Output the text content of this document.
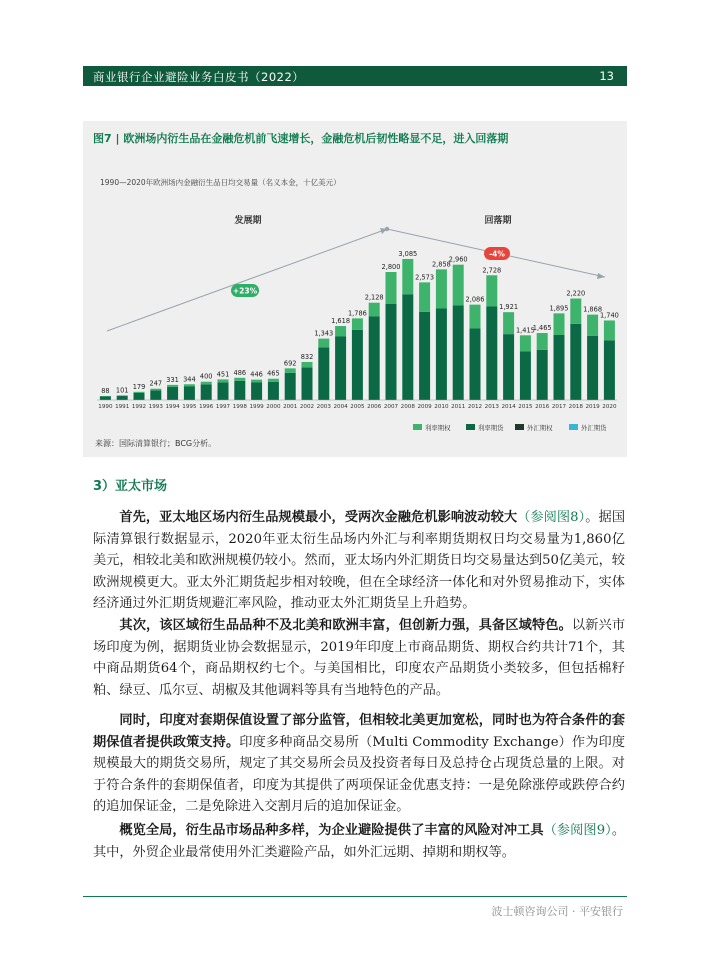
商业银行企业避险业务白皮书（2022）	13
图7 | 欧洲场内衍生品在金融危机前飞速增长，金融危机后韧性略显不足，进入回落期
1990—2020年欧洲场内金融衍生品日均交易量（名义本金，十亿美元）
发展期	回落期
+23%
-4%
88 101 179 247 331 344 400 451 486 446 465
692
832
1,343
1,618
1,786
2,128
2,800
3,085
2,573
2,858
2,960
2,086
2,728
1,921
1,415
1,465
1,895
2,220
1,868
1,740
1990 1991 1992 1993 1994 1995 1996 1997 1998 1999 2000 2001 2002 2003 2004 2005 2006 2007 2008 2009 2010 2011 2012 2013 2014 2015 2016 2017 2018 2019 2020
利率期权	利率期货	外汇期权	外汇期货
来源：国际清算银行；BCG分析。
3）亚太市场

首先，亚太地区场内衍生品规模最小，受两次金融危机影响波动较大（参阅图8）。据国际清算银行数据显示，2020年亚太衍生品场内外汇与利率期货期权日均交易量为1,860亿美元，相较北美和欧洲规模仍较小。然而，亚太场内外汇期货日均交易量达到50亿美元，较欧洲规模更大。亚太外汇期货起步相对较晚，但在全球经济一体化和对外贸易推动下，实体经济通过外汇期货规避汇率风险，推动亚太外汇期货呈上升趋势。

其次，该区域衍生品品种不及北美和欧洲丰富，但创新力强，具备区域特色。以新兴市场印度为例，据期货业协会数据显示，2019年印度上市商品期货、期权合约共计71个，其中商品期货64个，商品期权约七个。与美国相比，印度农产品期货小类较多，但包括棉籽粕、绿豆、瓜尔豆、胡椒及其他调料等具有当地特色的产品。

同时，印度对套期保值设置了部分监管，但相较北美更加宽松，同时也为符合条件的套期保值者提供政策支持。印度多种商品交易所（Multi Commodity Exchange）作为印度规模最大的期货交易所，规定了其交易所会员及投资者每日及总持仓占现货总量的上限。对于符合条件的套期保值者，印度为其提供了两项保证金优惠支持：一是免除涨停或跌停合约的追加保证金，二是免除进入交割月后的追加保证金。

概览全局，衍生品市场品种多样，为企业避险提供了丰富的风险对冲工具（参阅图9）。其中，外贸企业最常使用外汇类避险产品，如外汇远期、掉期和期权等。

波士顿咨询公司 · 平安银行
